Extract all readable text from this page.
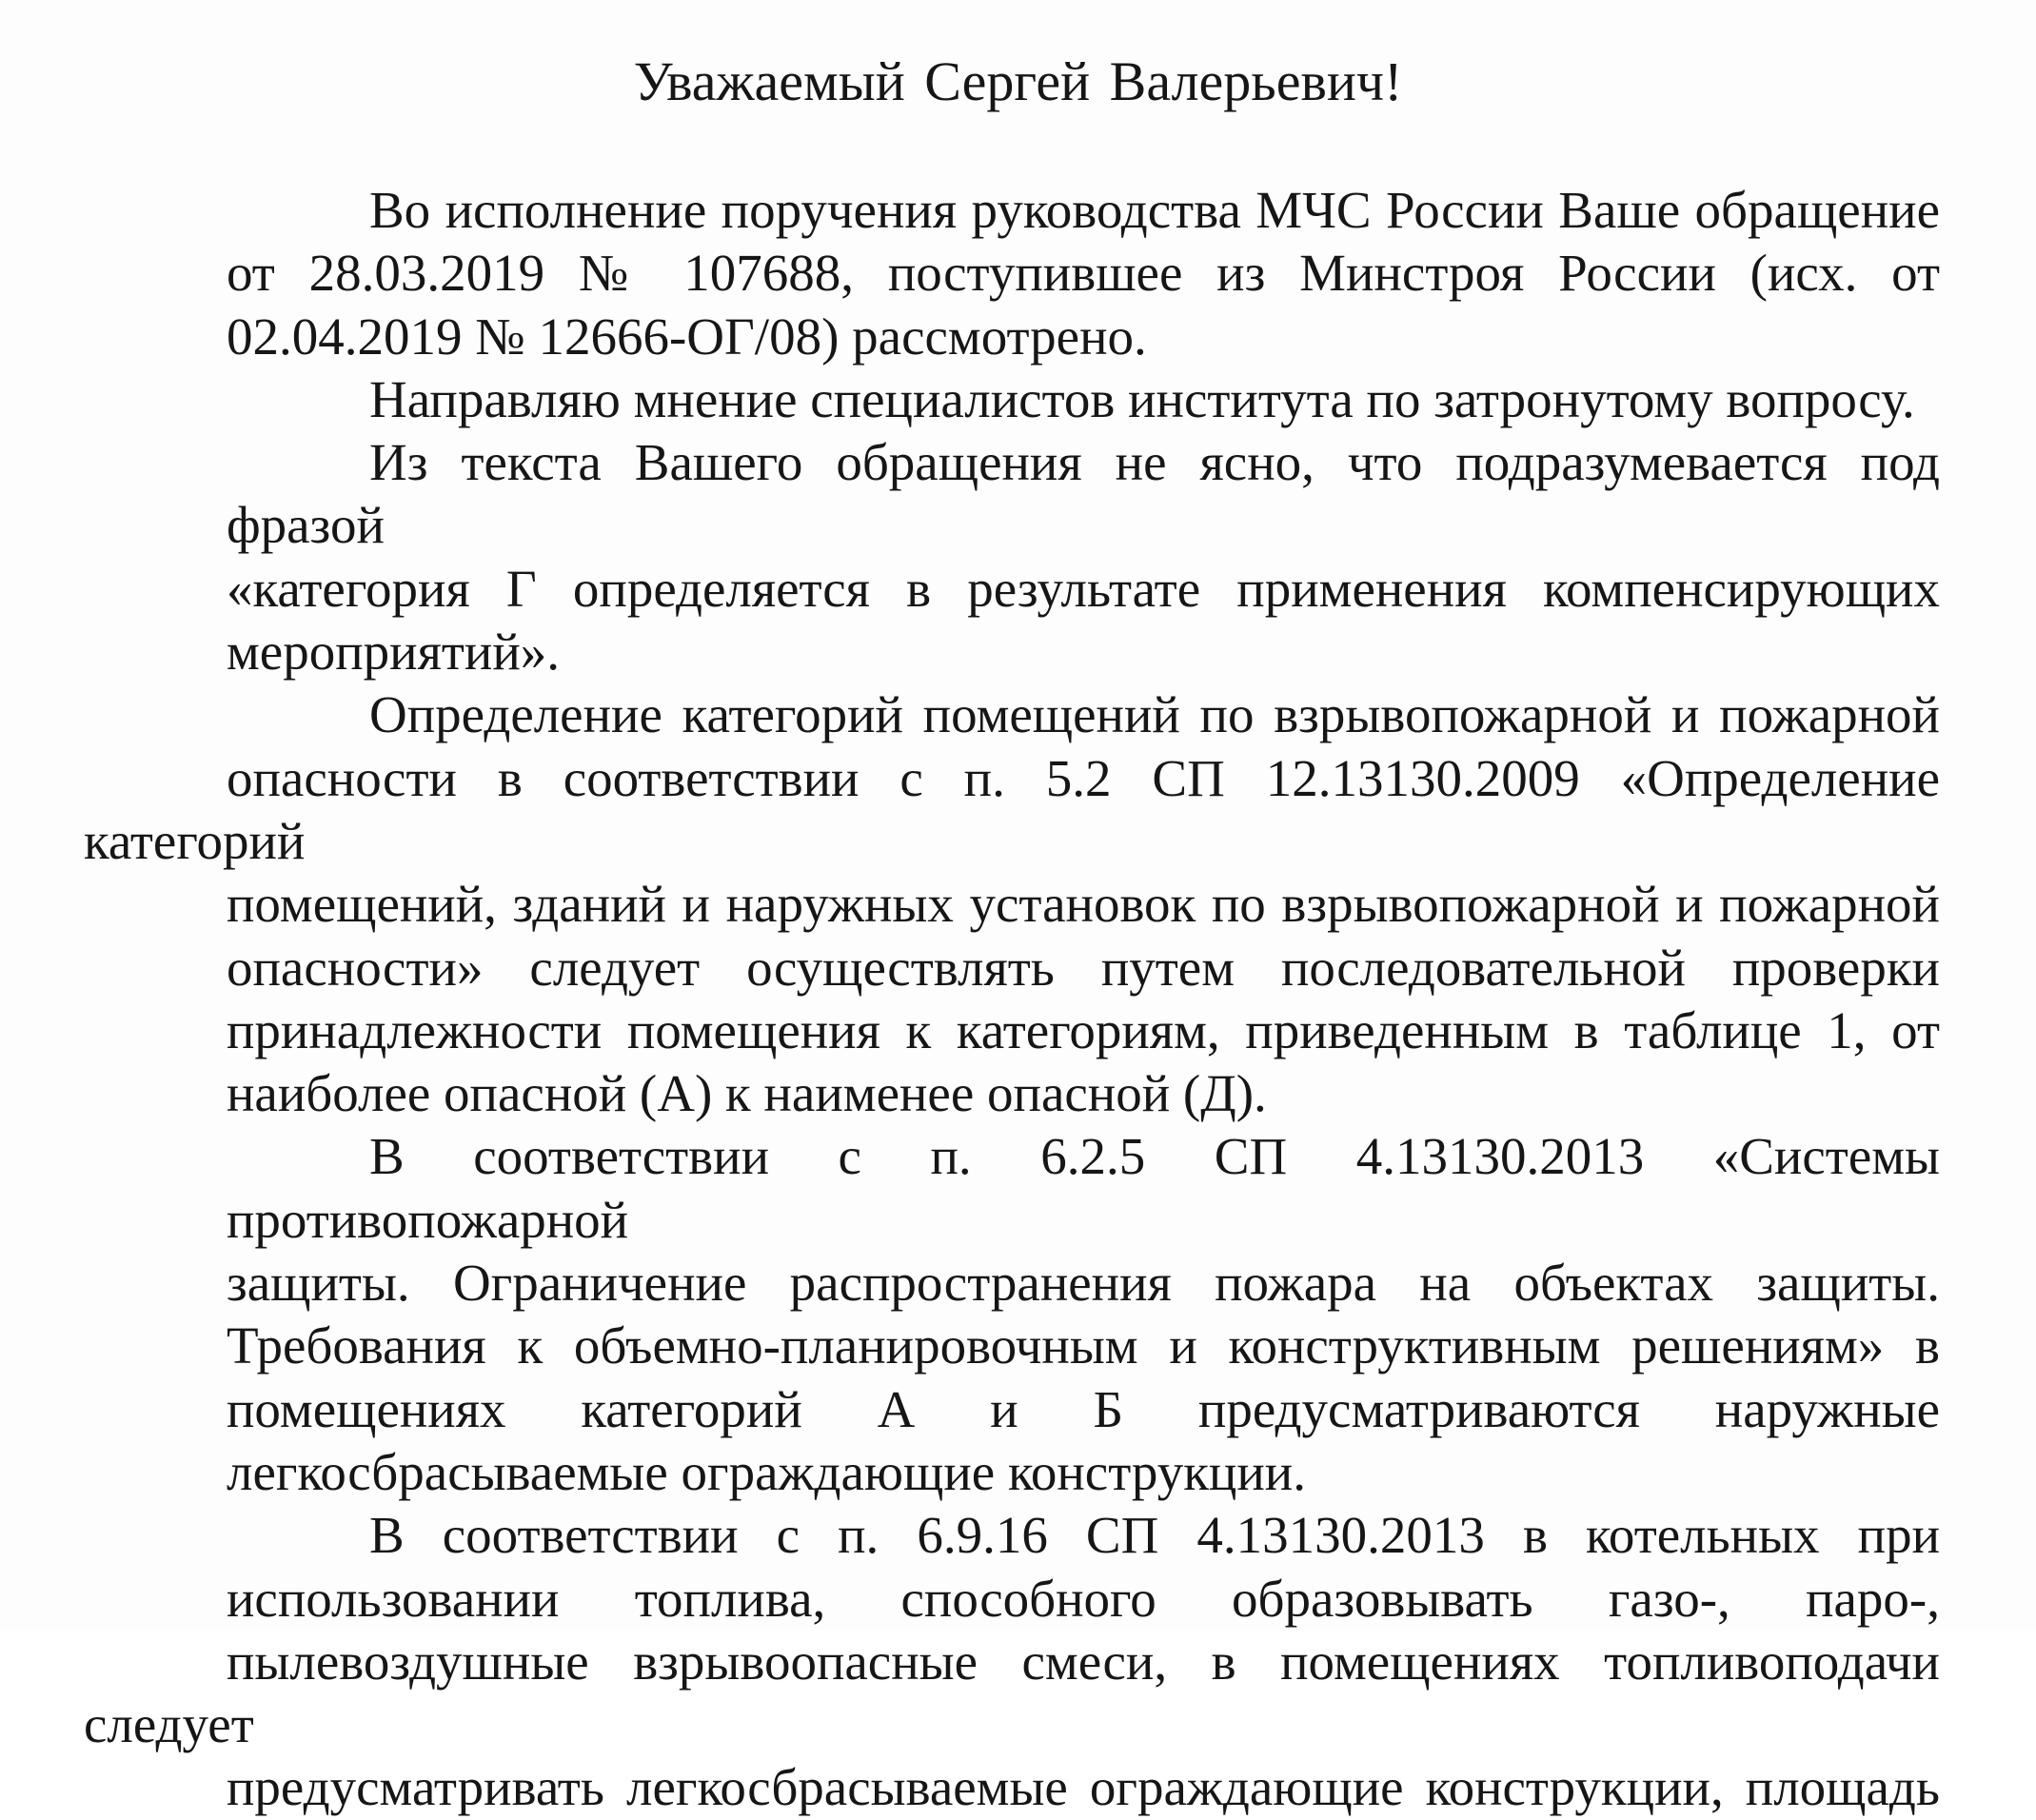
Уважаемый Сергей Валерьевич!
Во исполнение поручения руководства МЧС России Ваше обращение
от 28.03.2019 № 107688, поступившее из Минстроя России (исх. от
02.04.2019 № 12666-ОГ/08) рассмотрено.
Направляю мнение специалистов института по затронутому вопросу.
Из текста Вашего обращения не ясно, что подразумевается под фразой
«категория Г определяется в результате применения компенсирующих
мероприятий».
Определение категорий помещений по взрывопожарной и пожарной
опасности в соответствии с п. 5.2 СП 12.13130.2009 «Определение категорий
помещений, зданий и наружных установок по взрывопожарной и пожарной
опасности» следует осуществлять путем последовательной проверки
принадлежности помещения к категориям, приведенным в таблице 1, от
наиболее опасной (А) к наименее опасной (Д).
В соответствии с п. 6.2.5 СП 4.13130.2013 «Системы противопожарной
защиты. Ограничение распространения пожара на объектах защиты.
Требования к объемно-планировочным и конструктивным решениям» в
помещениях категорий А и Б предусматриваются наружные
легкосбрасываемые ограждающие конструкции.
В соответствии с п. 6.9.16 СП 4.13130.2013 в котельных при
использовании топлива, способного образовывать газо-, паро-,
пылевоздушные взрывоопасные смеси, в помещениях топливоподачи следует
предусматривать легкосбрасываемые ограждающие конструкции, площадь
